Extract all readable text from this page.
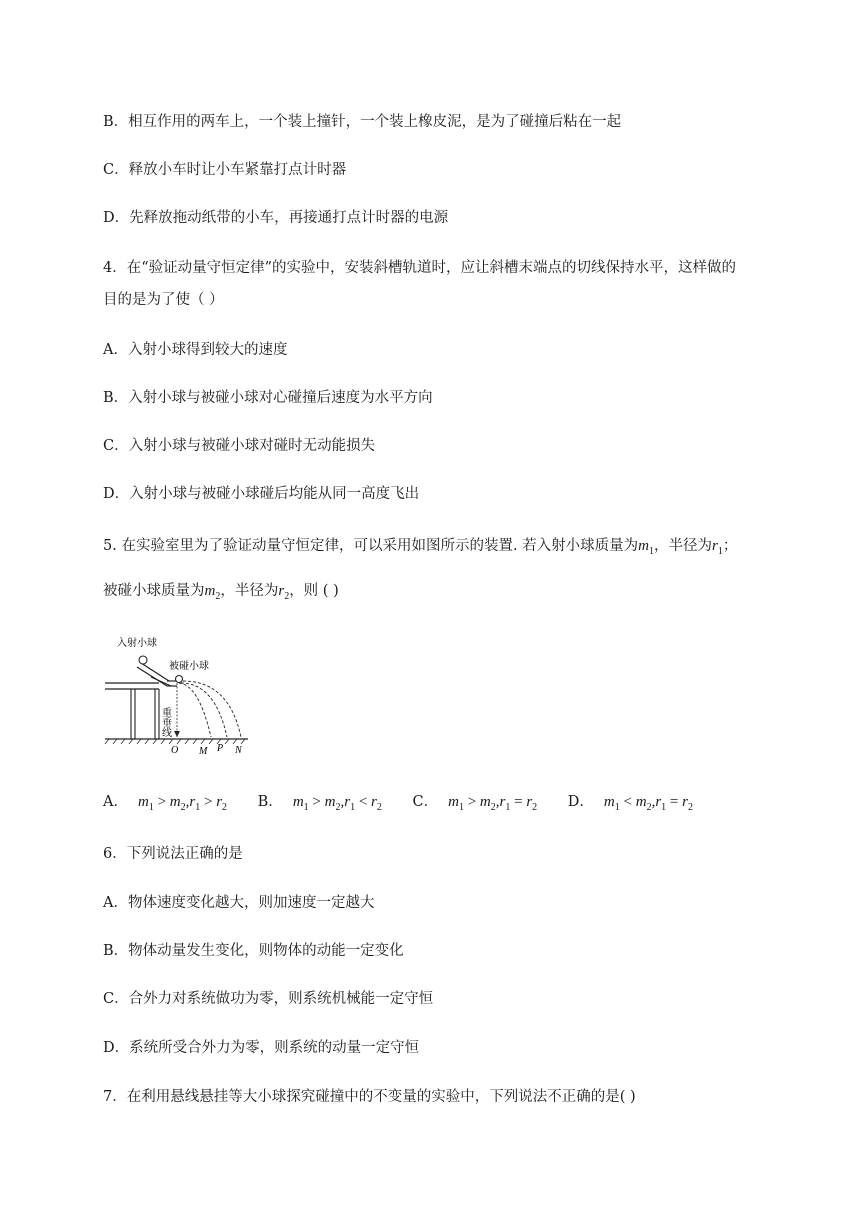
B．相互作用的两车上，一个装上撞针，一个装上橡皮泥，是为了碰撞后粘在一起
C．释放小车时让小车紧靠打点计时器
D．先释放拖动纸带的小车，再接通打点计时器的电源
4．在“验证动量守恒定律”的实验中，安装斜槽轨道时，应让斜槽末端点的切线保持水平，这样做的
目的是为了使（ ）
A．入射小球得到较大的速度
B．入射小球与被碰小球对心碰撞后速度为水平方向
C．入射小球与被碰小球对碰时无动能损失
D．入射小球与被碰小球碰后均能从同一高度飞出
5. 在实验室里为了验证动量守恒定律，可以采用如图所示的装置. 若入射小球质量为$m_1$，半径为$r_1$；
被碰小球质量为$m_2$，半径为$r_2$，则 ( )
入射小球
被碰小球
重垂线
O M P N
A． $m_1 > m_2,r_1 > r_2$ B． $m_1 > m_2,r_1 < r_2$ C． $m_1 > m_2,r_1 = r_2$ D． $m_1 < m_2,r_1 = r_2$
6．下列说法正确的是
A．物体速度变化越大，则加速度一定越大
B．物体动量发生变化，则物体的动能一定变化
C．合外力对系统做功为零，则系统机械能一定守恒
D．系统所受合外力为零，则系统的动量一定守恒
7．在利用悬线悬挂等大小球探究碰撞中的不变量的实验中，下列说法不正确的是( )
